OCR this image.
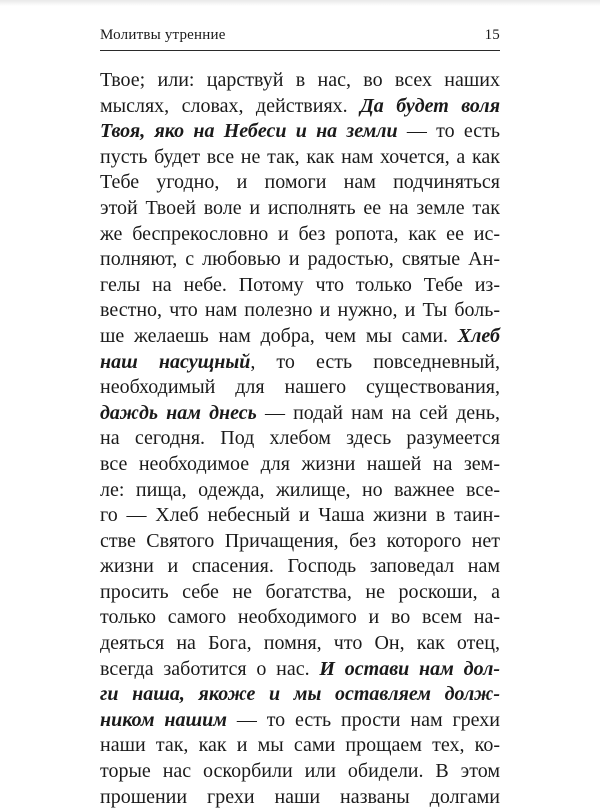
Молитвы утренние	15
Твое; или: царствуй в нас, во всех наших
мыслях, словах, действиях. Да будет воля
Твоя, яко на Небеси и на земли — то есть
пусть будет все не так, как нам хочется, а как
Тебе угодно, и помоги нам подчиняться
этой Твоей воле и исполнять ее на земле так
же беспрекословно и без ропота, как ее ис-
полняют, с любовью и радостью, святые Ан-
гелы на небе. Потому что только Тебе из-
вестно, что нам полезно и нужно, и Ты боль-
ше желаешь нам добра, чем мы сами. Хлеб
наш насущный, то есть повседневный,
необходимый для нашего существования,
даждь нам днесь — подай нам на сей день,
на сегодня. Под хлебом здесь разумеется
все необходимое для жизни нашей на зем-
ле: пища, одежда, жилище, но важнее все-
го — Хлеб небесный и Чаша жизни в таин-
стве Святого Причащения, без которого нет
жизни и спасения. Господь заповедал нам
просить себе не богатства, не роскоши, а
только самого необходимого и во всем на-
деяться на Бога, помня, что Он, как отец,
всегда заботится о нас. И остави нам дол-
ги наша, якоже и мы оставляем долж-
ником нашим — то есть прости нам грехи
наши так, как и мы сами прощаем тех, ко-
торые нас оскорбили или обидели. В этом
прошении грехи наши названы долгами
